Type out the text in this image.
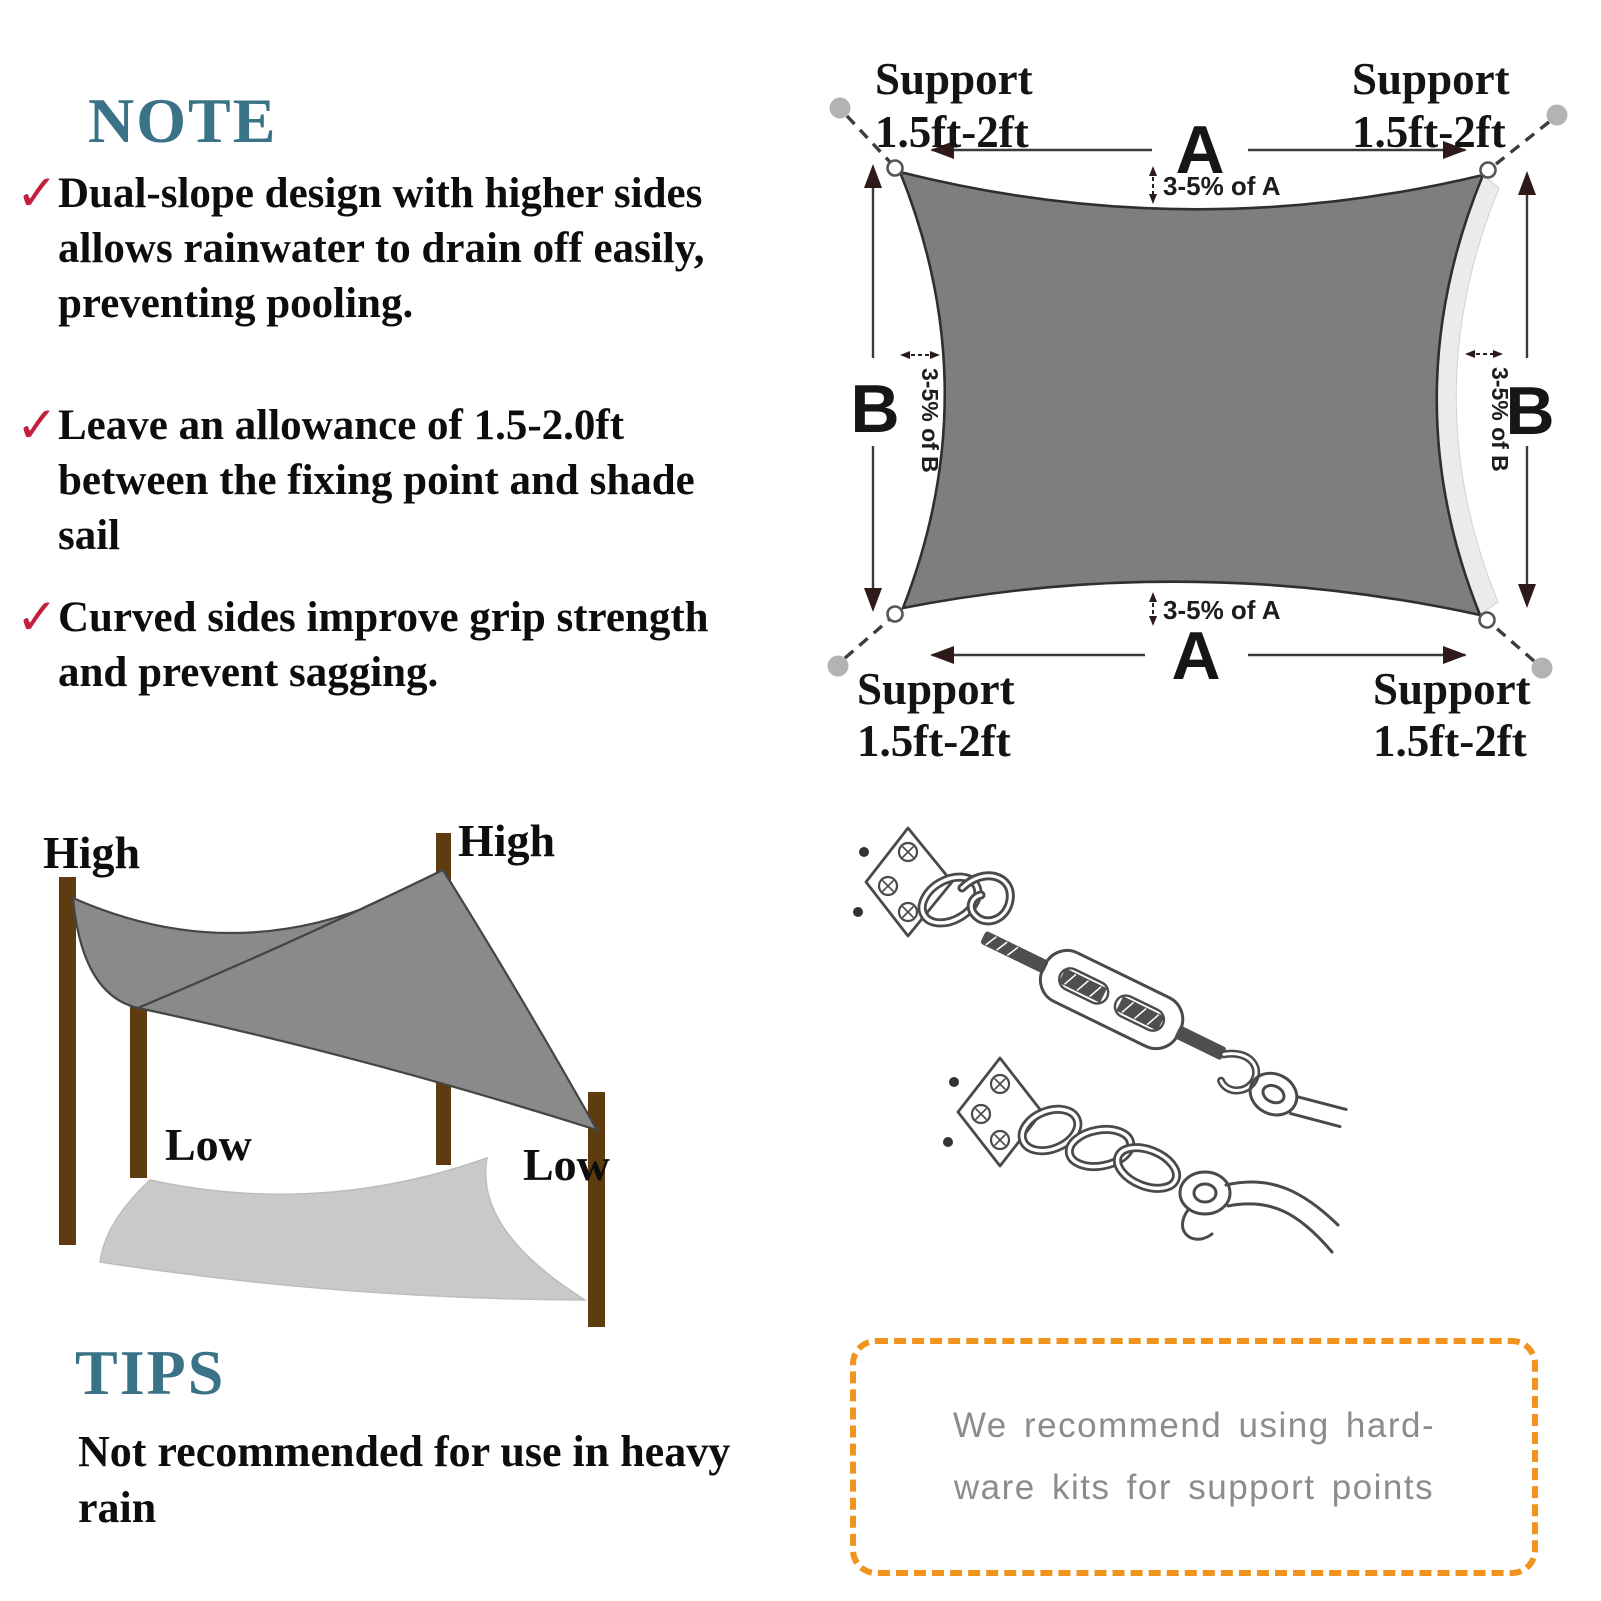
NOTE
✓ Dual-slope design with higher sides
allows rainwater to drain off easily,
preventing pooling.
✓ Leave an allowance of 1.5-2.0ft
between the fixing point and shade
sail
✓ Curved sides improve grip strength
and prevent sagging.
A
3-5% of A
A
3-5% of A
B 3-5% of B	B
3-5% of B
Support
1.5ft-2ft
Support
1.5ft-2ft
Support
1.5ft-2ft
Support
1.5ft-2ft
High	High
Low	Low
TIPS
Not recommended for use in heavy
rain
We recommend using hard-
ware kits for support points
